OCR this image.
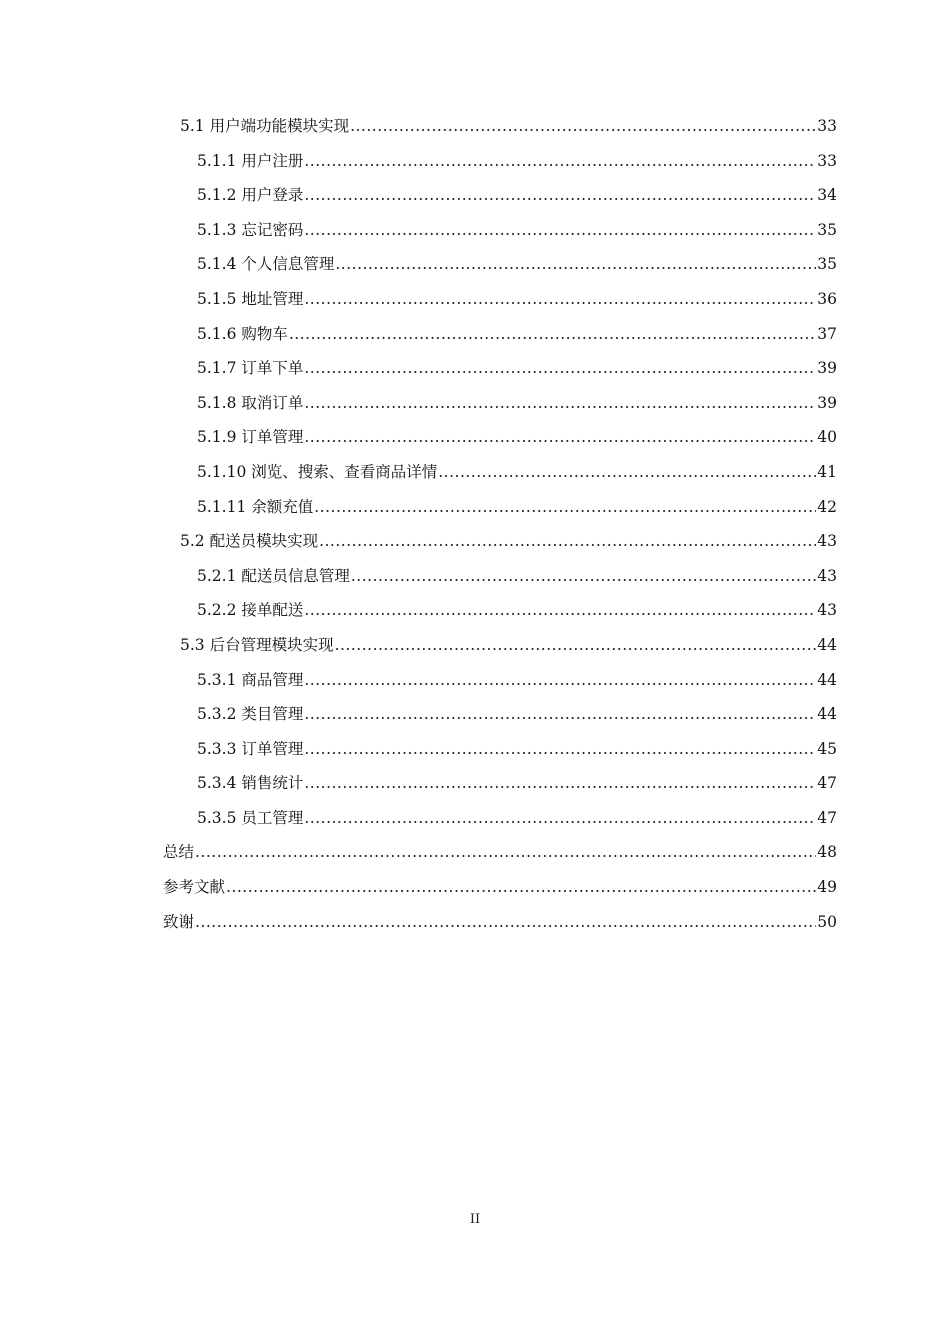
5.1 用户端功能模块实现 .....	33
5.1.1 用户注册 .....	33
5.1.2 用户登录 .....	34
5.1.3 忘记密码 .....	35
5.1.4 个人信息管理 .....	35
5.1.5 地址管理 .....	36
5.1.6 购物车 .....	37
5.1.7 订单下单 .....	39
5.1.8 取消订单 .....	39
5.1.9 订单管理 .....	40
5.1.10 浏览、搜索、查看商品详情 .....	41
5.1.11 余额充值 .....	42
5.2 配送员模块实现 .....	43
5.2.1 配送员信息管理 .....	43
5.2.2 接单配送 .....	43
5.3 后台管理模块实现 .....	44
5.3.1 商品管理 .....	44
5.3.2 类目管理 .....	44
5.3.3 订单管理 .....	45
5.3.4 销售统计 .....	47
5.3.5 员工管理 .....	47
总结 .....	48
参考文献 .....	49
致谢 .....	50
II
